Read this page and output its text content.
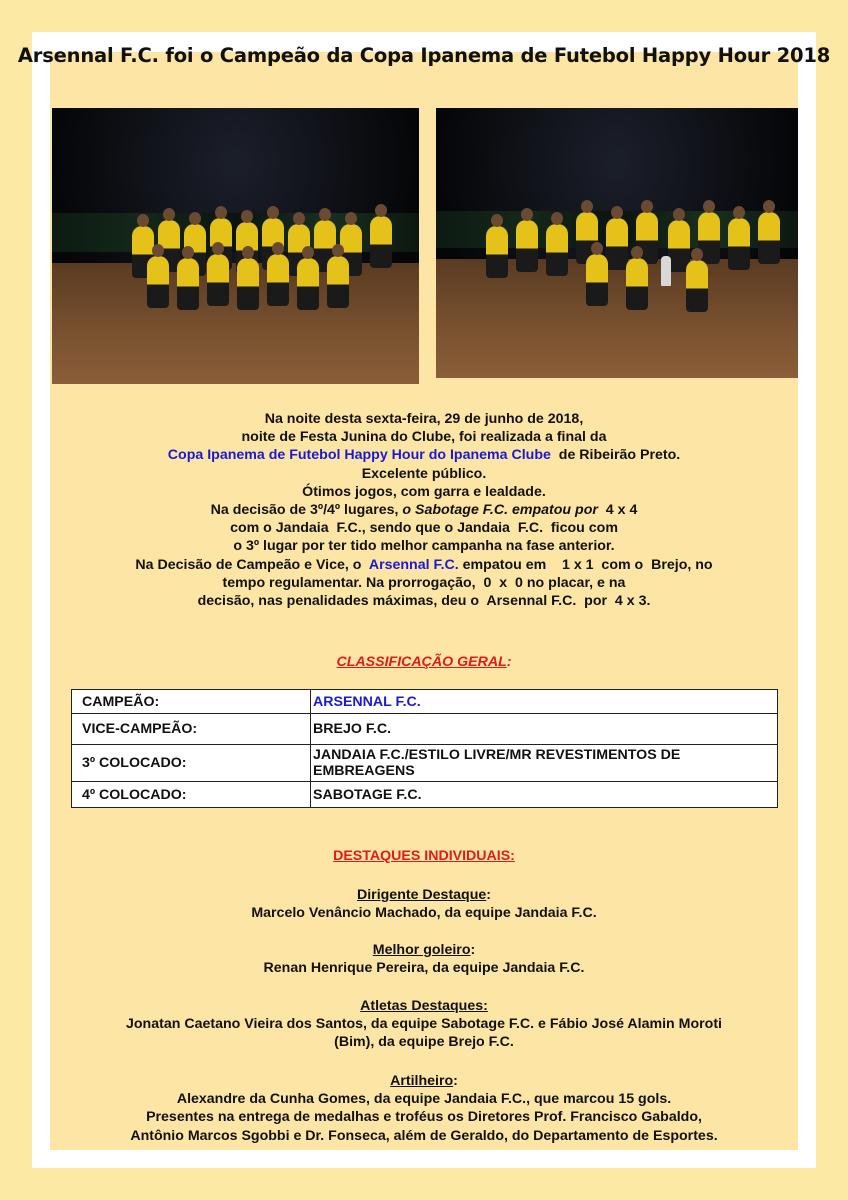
Arsennal F.C. foi o Campeão da Copa Ipanema de Futebol Happy Hour 2018
Na noite desta sexta-feira, 29 de junho de 2018,
noite de Festa Junina do Clube, foi realizada a final da
Copa Ipanema de Futebol Happy Hour do Ipanema Clube  de Ribeirão Preto.
Excelente público.
Ótimos jogos, com garra e lealdade.
Na decisão de 3º/4º lugares, o Sabotage F.C. empatou por  4 x 4
com o Jandaia  F.C., sendo que o Jandaia  F.C.  ficou com
o 3º lugar por ter tido melhor campanha na fase anterior.
Na Decisão de Campeão e Vice, o  Arsennal F.C. empatou em    1 x 1  com o  Brejo, no
tempo regulamentar. Na prorrogação,  0  x  0 no placar, e na
decisão, nas penalidades máximas, deu o  Arsennal F.C.  por  4 x 3.
CLASSIFICAÇÃO GERAL:
CAMPEÃO:	ARSENNAL F.C.
VICE-CAMPEÃO:	BREJO F.C.
3º COLOCADO:	JANDAIA F.C./ESTILO LIVRE/MR REVESTIMENTOS DE EMBREAGENS
4º COLOCADO:	SABOTAGE F.C.
DESTAQUES INDIVIDUAIS:
Dirigente Destaque:
Marcelo Venâncio Machado, da equipe Jandaia F.C.
Melhor goleiro:
Renan Henrique Pereira, da equipe Jandaia F.C.
Atletas Destaques:
Jonatan Caetano Vieira dos Santos, da equipe Sabotage F.C. e Fábio José Alamin Moroti
(Bim), da equipe Brejo F.C.
Artilheiro:
Alexandre da Cunha Gomes, da equipe Jandaia F.C., que marcou 15 gols.
Presentes na entrega de medalhas e troféus os Diretores Prof. Francisco Gabaldo,
Antônio Marcos Sgobbi e Dr. Fonseca, além de Geraldo, do Departamento de Esportes.
